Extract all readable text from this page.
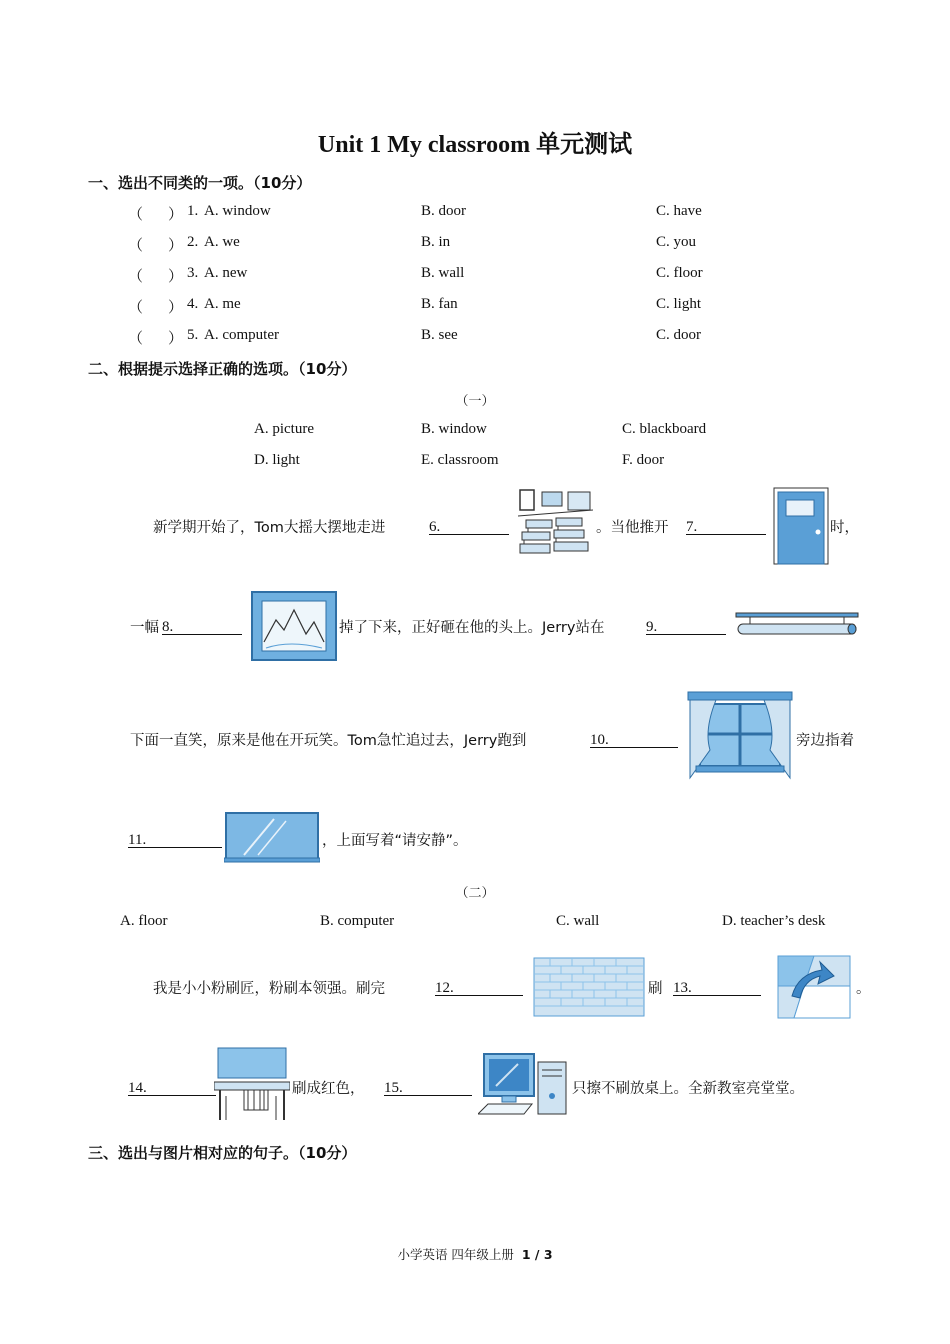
Unit 1 My classroom 单元测试
一、选出不同类的一项。（10分）
（ ） 1. A. window	B. door	C. have
（ ） 2. A. we	B. in	C. you
（ ） 3. A. new	B. wall	C. floor
（ ） 4. A. me	B. fan	C. light
（ ） 5. A. computer	B. see	C. door
二、根据提示选择正确的选项。（10分）
（一）
A. picture	B. window	C. blackboard
D. light	E. classroom	F. door
新学期开始了，Tom大摇大摆地走进	6.	。当他推开 7.	时，
一幅 8.	掉了下来，正好砸在他的头上。Jerry站在	9.
下面一直笑，原来是他在开玩笑。Tom急忙追过去，Jerry跑到	10.	旁边指着
11.	，上面写着“请安静”。
（二）
A. floor	B. computer	C. wall	D. teacher’s desk
我是小小粉刷匠，粉刷本领强。刷完	12.	刷 13.	。
14.	刷成红色， 15.	只擦不刷放桌上。全新教室亮堂堂。
三、选出与图片相对应的句子。（10分）
小学英语 四年级上册 1 / 3
